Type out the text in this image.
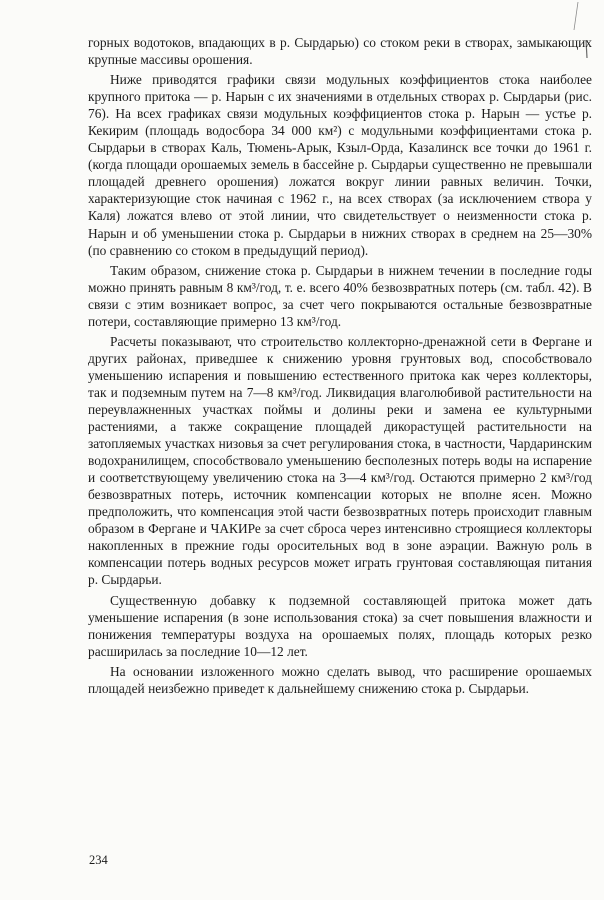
горных водотоков, впадающих в р. Сырдарью) со стоком реки в створах, замыкающих крупные массивы орошения.

Ниже приводятся графики связи модульных коэффициентов стока наиболее крупного притока — р. Нарын с их значениями в отдельных створах р. Сырдарьи (рис. 76). На всех графиках связи модульных коэффициентов стока р. Нарын — устье р. Кекирим (площадь водосбора 34 000 км²) с модульными коэффициентами стока р. Сырдарьи в створах Каль, Тюмень-Арык, Кзыл-Орда, Казалинск все точки до 1961 г. (когда площади орошаемых земель в бассейне р. Сырдарьи существенно не превышали площадей древнего орошения) ложатся вокруг линии равных величин. Точки, характеризующие сток начиная с 1962 г., на всех створах (за исключением створа у Каля) ложатся влево от этой линии, что свидетельствует о неизменности стока р. Нарын и об уменьшении стока р. Сырдарьи в нижних створах в среднем на 25—30% (по сравнению со стоком в предыдущий период).

Таким образом, снижение стока р. Сырдарьи в нижнем течении в последние годы можно принять равным 8 км³/год, т. е. всего 40% безвозвратных потерь (см. табл. 42). В связи с этим возникает вопрос, за счет чего покрываются остальные безвозвратные потери, составляющие примерно 13 км³/год.

Расчеты показывают, что строительство коллекторно-дренажной сети в Фергане и других районах, приведшее к снижению уровня грунтовых вод, способствовало уменьшению испарения и повышению естественного притока как через коллекторы, так и подземным путем на 7—8 км³/год. Ликвидация влаголюбивой растительности на переувлажненных участках поймы и долины реки и замена ее культурными растениями, а также сокращение площадей дикорастущей растительности на затопляемых участках низовья за счет регулирования стока, в частности, Чардаринским водохранилищем, способствовало уменьшению бесполезных потерь воды на испарение и соответствующему увеличению стока на 3—4 км³/год. Остаются примерно 2 км³/год безвозвратных потерь, источник компенсации которых не вполне ясен. Можно предположить, что компенсация этой части безвозвратных потерь происходит главным образом в Фергане и ЧАКИРе за счет сброса через интенсивно строящиеся коллекторы накопленных в прежние годы оросительных вод в зоне аэрации. Важную роль в компенсации потерь водных ресурсов может играть грунтовая составляющая питания р. Сырдарьи.

Существенную добавку к подземной составляющей притока может дать уменьшение испарения (в зоне использования стока) за счет повышения влажности и понижения температуры воздуха на орошаемых полях, площадь которых резко расширилась за последние 10—12 лет.

На основании изложенного можно сделать вывод, что расширение орошаемых площадей неизбежно приведет к дальнейшему снижению стока р. Сырдарьи.

234
